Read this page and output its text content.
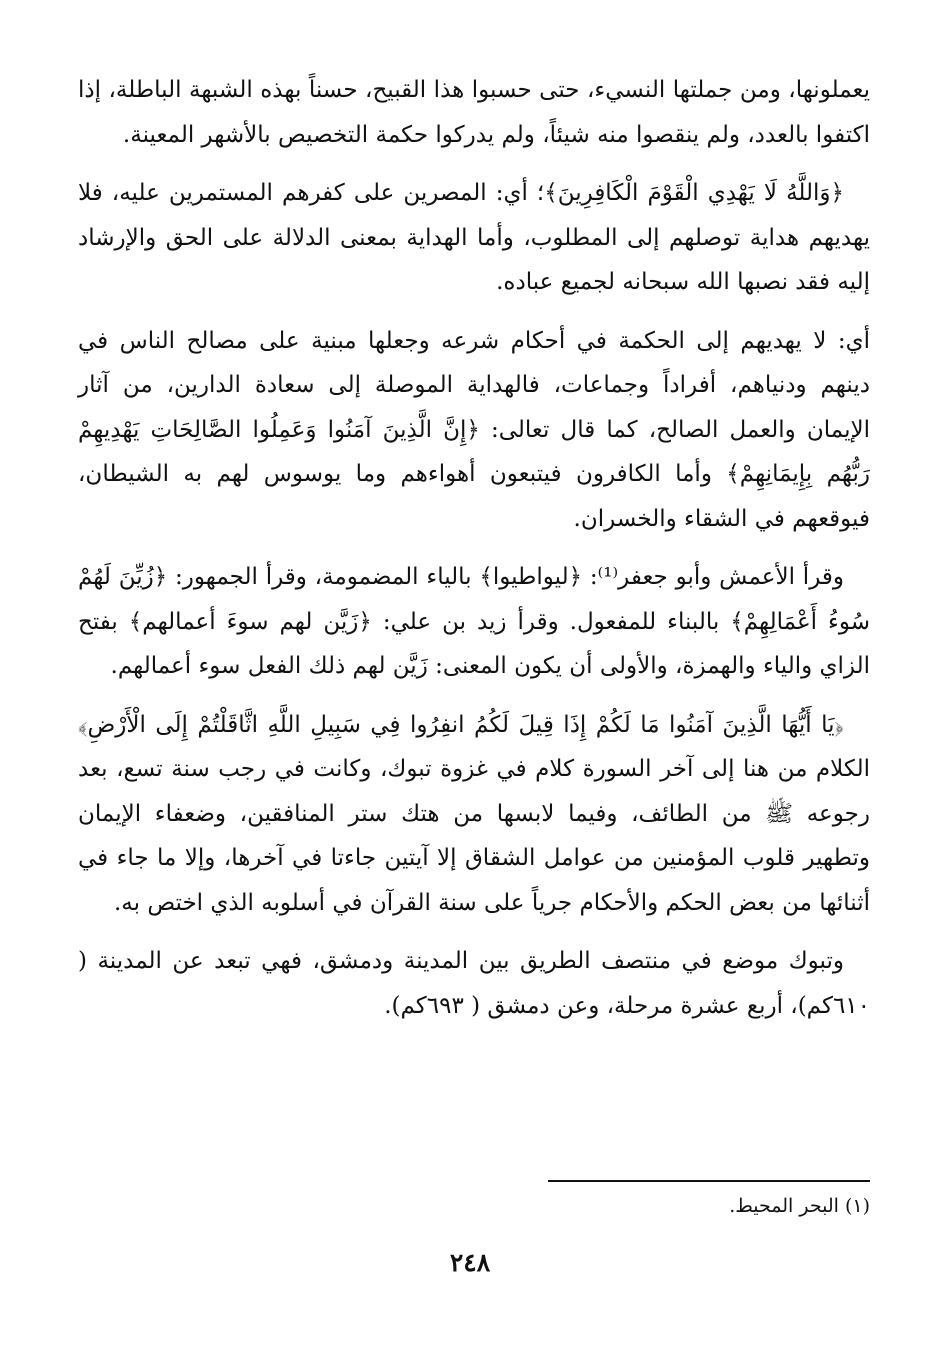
يعملونها، ومن جملتها النسيء، حتى حسبوا هذا القبيح، حسناً بهذه الشبهة الباطلة، إذا اكتفوا بالعدد، ولم ينقصوا منه شيئاً، ولم يدركوا حكمة التخصيص بالأشهر المعينة.

﴿وَاللَّهُ لَا يَهْدِي الْقَوْمَ الْكَافِرِينَ﴾؛ أي: المصرين على كفرهم المستمرين عليه، فلا يهديهم هداية توصلهم إلى المطلوب، وأما الهداية بمعنى الدلالة على الحق والإرشاد إليه فقد نصبها الله سبحانه لجميع عباده.

أي: لا يهديهم إلى الحكمة في أحكام شرعه وجعلها مبنية على مصالح الناس في دينهم ودنياهم، أفراداً وجماعات، فالهداية الموصلة إلى سعادة الدارين، من آثار الإيمان والعمل الصالح، كما قال تعالى: ﴿إِنَّ الَّذِينَ آمَنُوا وَعَمِلُوا الصَّالِحَاتِ يَهْدِيهِمْ رَبُّهُم بِإِيمَانِهِمْ﴾ وأما الكافرون فيتبعون أهواءهم وما يوسوس لهم به الشيطان، فيوقعهم في الشقاء والخسران.

وقرأ الأعمش وأبو جعفر⁽¹⁾: ﴿ليواطيوا﴾ بالياء المضمومة، وقرأ الجمهور: ﴿زُيِّنَ لَهُمْ سُوءُ أَعْمَالِهِمْ﴾ بالبناء للمفعول. وقرأ زيد بن علي: ﴿زَيَّن لهم سوءَ أعمالهم﴾ بفتح الزاي والياء والهمزة، والأولى أن يكون المعنى: زَيَّن لهم ذلك الفعل سوء أعمالهم.

﴿يَا أَيُّهَا الَّذِينَ آمَنُوا مَا لَكُمْ إِذَا قِيلَ لَكُمُ انفِرُوا فِي سَبِيلِ اللَّهِ اثَّاقَلْتُمْ إِلَى الْأَرْضِ﴾ الكلام من هنا إلى آخر السورة كلام في غزوة تبوك، وكانت في رجب سنة تسع، بعد رجوعه ﷺ من الطائف، وفيما لابسها من هتك ستر المنافقين، وضعفاء الإيمان وتطهير قلوب المؤمنين من عوامل الشقاق إلا آيتين جاءتا في آخرها، وإلا ما جاء في أثنائها من بعض الحكم والأحكام جرياً على سنة القرآن في أسلوبه الذي اختص به.

وتبوك موضع في منتصف الطريق بين المدينة ودمشق، فهي تبعد عن المدينة ( ٦١٠كم)، أربع عشرة مرحلة، وعن دمشق ( ٦٩٣كم).

(١) البحر المحيط.
٢٤٨
